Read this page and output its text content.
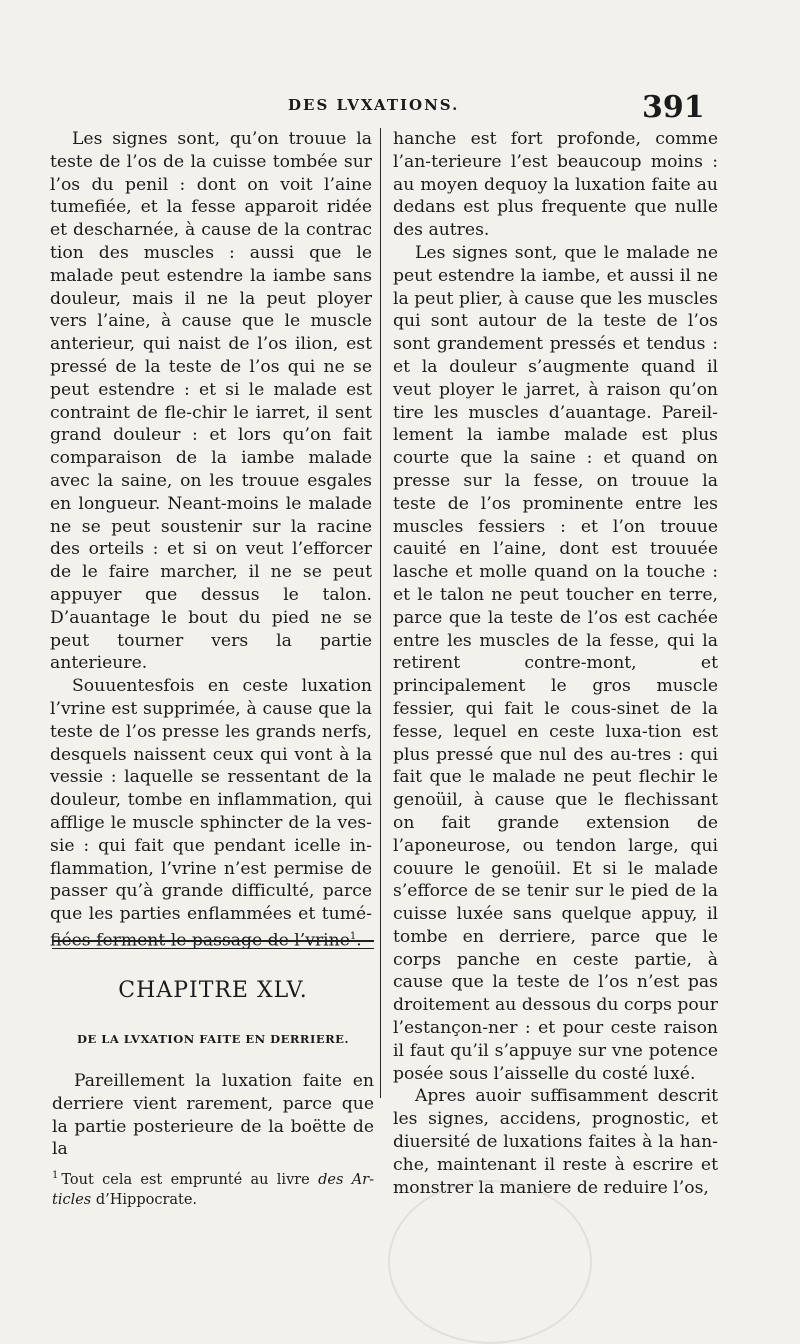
DES LVXATIONS.	391

Les signes sont, qu’on trouue la teste de l’os de la cuisse tombée sur l’os du penil : dont on voit l’aine tumefiée, et la fesse apparoit ridée et descharnée, à cause de la contrac tion des muscles : aussi que le malade peut estendre la iambe sans douleur, mais il ne la peut ployer vers l’aine, à cause que le muscle anterieur, qui naist de l’os ilion, est pressé de la teste de l’os qui ne se peut estendre : et si le malade est contraint de fle-chir le iarret, il sent grand douleur : et lors qu’on fait comparaison de la iambe malade avec la saine, on les trouue esgales en longueur. Neant-moins le malade ne se peut soustenir sur la racine des orteils : et si on veut l’efforcer de le faire marcher, il ne se peut appuyer que dessus le talon. D’auantage le bout du pied ne se peut tourner vers la partie anterieure.

Souuentesfois en ceste luxation l’vrine est supprimée, à cause que la teste de l’os presse les grands nerfs, desquels naissent ceux qui vont à la vessie : laquelle se ressentant de la douleur, tombe en inflammation, qui afflige le muscle sphincter de la ves-sie : qui fait que pendant icelle in-flammation, l’vrine n’est permise de passer qu’à grande difficulté, parce que les parties enflammées et tumé-fiées ferment le passage de l’vrine$^1$.

CHAPITRE XLV.
DE LA LVXATION FAITE EN DERRIERE.

Pareillement la luxation faite en derriere vient rarement, parce que la partie posterieure de la boëtte de la

$^1$ Tout cela est emprunté au livre des Ar-ticles d’Hippocrate.

hanche est fort profonde, comme l’an-terieure l’est beaucoup moins : au moyen dequoy la luxation faite au dedans est plus frequente que nulle des autres.

Les signes sont, que le malade ne peut estendre la iambe, et aussi il ne la peut plier, à cause que les muscles qui sont autour de la teste de l’os sont grandement pressés et tendus : et la douleur s’augmente quand il veut ployer le jarret, à raison qu’on tire les muscles d’auantage. Pareil-lement la iambe malade est plus courte que la saine : et quand on presse sur la fesse, on trouue la teste de l’os prominente entre les muscles fessiers : et l’on trouue cauité en l’aine, dont est trouuée lasche et molle quand on la touche : et le talon ne peut toucher en terre, parce que la teste de l’os est cachée entre les muscles de la fesse, qui la retirent contre-mont, et principalement le gros muscle fessier, qui fait le cous-sinet de la fesse, lequel en ceste luxa-tion est plus pressé que nul des au-tres : qui fait que le malade ne peut flechir le genoüil, à cause que le flechissant on fait grande extension de l’aponeurose, ou tendon large, qui couure le genoüil. Et si le malade s’efforce de se tenir sur le pied de la cuisse luxée sans quelque appuy, il tombe en derriere, parce que le corps panche en ceste partie, à cause que la teste de l’os n’est pas droitement au dessous du corps pour l’estançon-ner : et pour ceste raison il faut qu’il s’appuye sur vne potence posée sous l’aisselle du costé luxé.

Apres auoir suffisamment descrit les signes, accidens, prognostic, et diuersité de luxations faites à la han-che, maintenant il reste à escrire et monstrer la maniere de reduire l’os,
